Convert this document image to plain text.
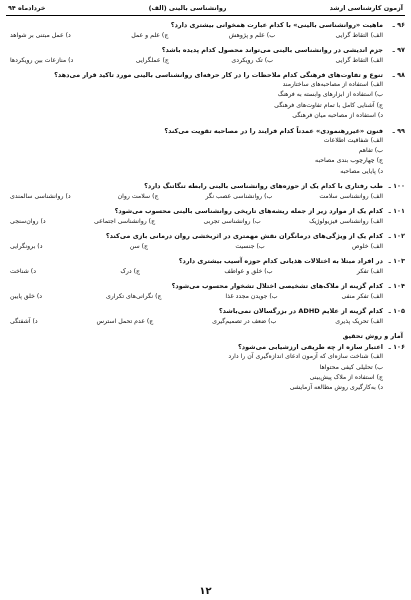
آزمون کارشناسی ارشد
روانشناسی بالینی (الف)
خردادماه ۹۴
۹۶ ـ
ماهیت «روانشناسی بالینی» با کدام عبارت همخوانی بیشتری دارد؟
الف) التقاط گرایی
ب) علم و پژوهش
ج) علم و عمل
د) عمل مبتنی بر شواهد
۹۷ ـ
جزم اندیشی در روانشناسی بالینی می‌تواند محصول کدام پدیده باشد؟
الف) التقاط گرایی
ب) تک رویکردی
ج) عملگرایی
د) منازعات بین رویکردها
۹۸ ـ
تنوع و تفاوت‌های فرهنگی کدام ملاحظات را در کار حرفه‌ای روانشناسی بالینی مورد تاکید قرار می‌دهد؟
الف) استفاده از مصاحبه‌های ساختارمند
ب) استفاده از ابزارهای وابسته به فرهنگ
ج) آشنایی کامل با تمام تفاوت‌های فرهنگی
د) استفاده از مصاحبه میان فرهنگی
۹۹ ـ
فنون «غیررهنمودی» عمدتاً کدام فرایند را در مصاحبه تقویت می‌کند؟
الف) شفافیت اطلاعات
ب) تفاهم
ج) چهارچوب بندی مصاحبه
د) پایایی مصاحبه
۱۰۰ ـ
طب رفتاری با کدام یک از حوزه‌های روانشناسی بالینی رابطه تنگاتنگ دارد؟
الف) روانشناسی سلامت
ب) روانشناسی عصب نگر
ج) سلامت روان
د) روانشناسی سالمندی
۱۰۱ ـ
کدام یک از موارد زیر از جمله ریشه‌های تاریخی روانشناسی بالینی محسوب می‌شود؟
الف) روانشناسی فیزیولوژیک
ب) روانشناسی تجربی
ج) روانشناسی اجتماعی
د) روان‌سنجی
۱۰۲ ـ
کدام یک از ویژگی‌های درمانگران نقش مهمتری در اثربخشی روان درمانی بازی می‌کند؟
الف) خلوص
ب) جنسیت
ج) سن
د) برونگرایی
۱۰۳ ـ
در افراد مبتلا به اختلالات هذیانی کدام حوزه آسیب بیشتری دارد؟
الف) تفکر
ب) خلق و عواطف
ج) درک
د) شناخت
۱۰۴ ـ
کدام گزینه از ملاک‌های تشخیصی اختلال تشخوار محسوب می‌شود؟
الف) تفکر منفی
ب) جویدن مجدد غذا
ج) نگرانی‌های تکراری
د) خلق پایین
۱۰۵ ـ
کدام گزینه از علایم ADHD در بزرگسالان نمی‌باشد؟
الف) تحریک پذیری
ب) ضعف در تصمیم‌گیری
ج) عدم تحمل استرس
د) آشفتگی
آمار و روش تحقیق
۱۰۶ ـ
اعتبار سازه از چه طریقی ارزشیابی می‌شود؟
الف) شناخت سازه‌ای که آزمون ادعای اندازه‌گیری آن را دارد
ب) تحلیلی کیفی محتواها
ج) استفاده از ملاک پیش‌بینی
د) به‌کارگیری روش مطالعه آزمایشی
۱۲
